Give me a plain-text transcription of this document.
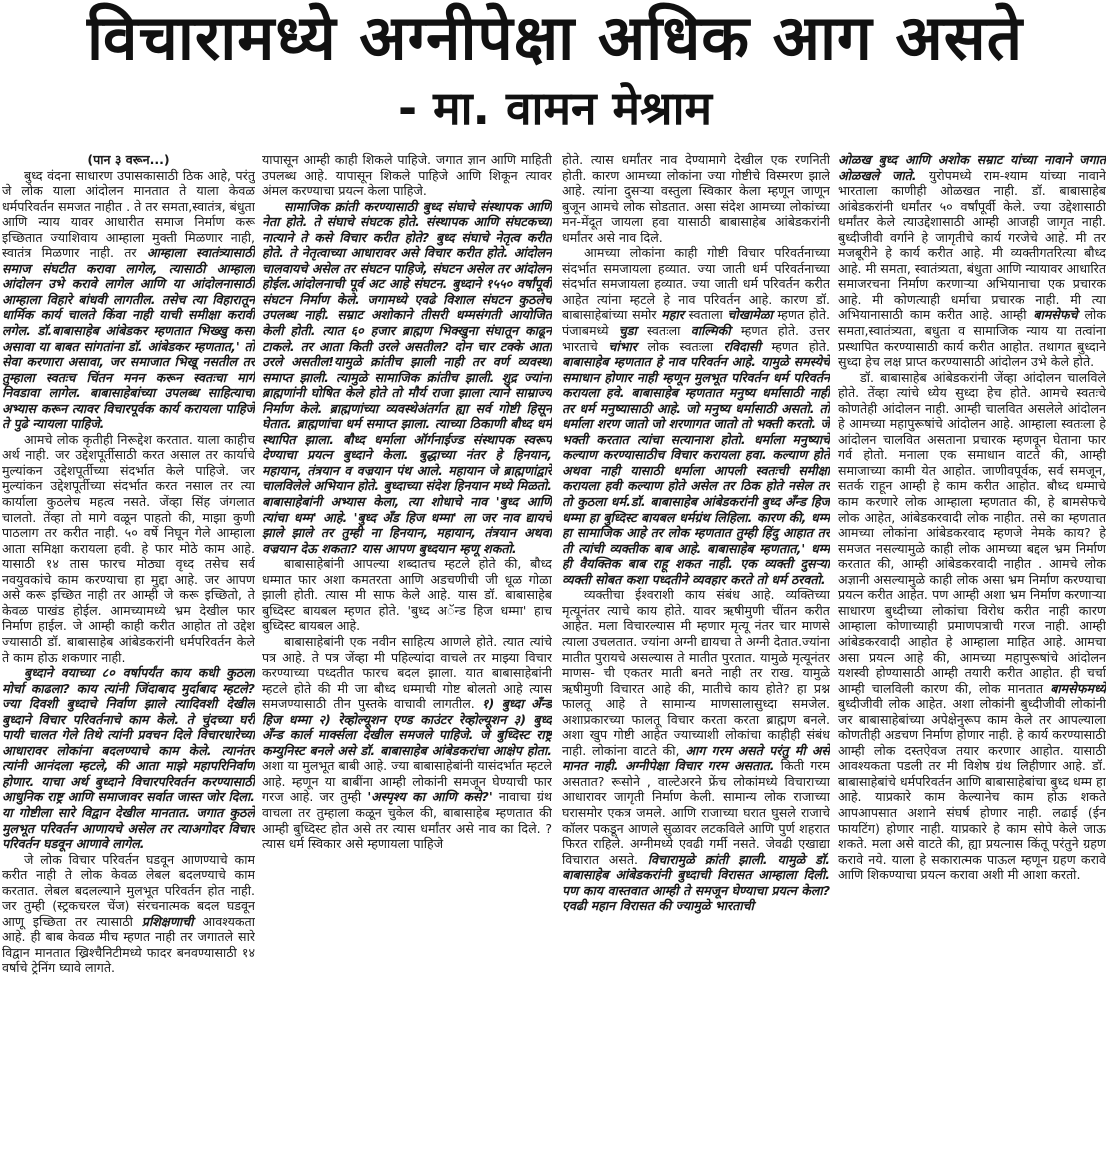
विचारामध्ये अग्नीपेक्षा अधिक आग असते
- मा. वामन मेश्राम

(पान ३ वरून...)

बुध्द वंदना साधारण उपासकासाठी ठिक आहे, परंतु जे लोक याला आंदोलन मानतात ते याला केवळ धर्मपरिवर्तन समजत नाहीत . ते तर समता,स्वातंत्र, बंधुता आणि न्याय यावर आधारीत समाज निर्माण करू इच्छितात ज्याशिवाय आम्हाला मुक्ती मिळणार नाही, स्वातंत्र मिळणार नाही. तर आम्हाला स्वातंत्र्यासाठी समाज संघटीत करावा लागेल, त्यासाठी आम्हाला आंदोलन उभे करावे लागेल आणि या आंदोलनासाठी आम्हाला विहारे बांधवी लागतील. तसेच त्या विहारातून धार्मिक कार्य चालते किंवा नाही याची समीक्षा करावी लगेल. डॉ.बाबासाहेब आंबेडकर म्हणतात भिख्खु कसा असावा या बाबत सांगतांना डॉ. आंबेडकर म्हणतात,' तो सेवा करणारा असावा, जर समाजात भिखू नसतील तर तुम्हाला स्वतःच चिंतन मनन करून स्वतःचा मार्ग निवडावा लागेल. बाबासाहेबांच्या उपलब्ध साहित्याचा अभ्यास करून त्यावर विचारपूर्वक कार्य करायला पाहिजे ते पुढे न्यायला पाहिजे.

आमचे लोक कृतीही निरूद्देश करतात. याला काहीच अर्थ नाही. जर उद्देशपूर्तीसाठी करत असाल तर कार्याचे मुल्यांकन उद्देशपूर्तीच्या संदर्भात केले पाहिजे. जर मुल्यांकन उद्देशपूर्तीच्या संदर्भात करत नसाल तर त्या कार्याला कुठलेच महत्व नसते. जेंव्हा सिंह जंगलात चालतो. तेंव्हा तो मागे वळून पाहतो की, माझा कुणी पाठलाग तर करीत नाही. ५० वर्षे निघून गेले आम्हाला आता समिक्षा करायला हवी. हे फार मोठे काम आहे. यासाठी १४ तास फारच मोठ्या वृध्द तसेच सर्व नवयुवकांचे काम करण्याचा हा मुद्दा आहे. जर आपण असे करू इच्छित नाही तर आम्ही जे करू इच्छितो, ते केवळ पाखंड होईल. आमच्यामध्ये भ्रम देखील फार निर्माण हाईल. जे आम्ही काही करीत आहोत तो उद्देश ज्यासाठी डॉ. बाबासाहेब आंबेडकरांनी धर्मपरिवर्तन केले ते काम होऊ शकणार नाही.

बुध्दाने वयाच्या ८० वर्षापर्यंत काय कधी कुठला मोर्चा काढला? काय त्यांनी जिंदाबाद मुर्दाबाद म्हटले? ज्या दिवशी बुध्दाचे निर्वाण झाले त्यादिवशी देखील बुध्दाने विचार परिवर्तनाचे काम केले. ते चुंदच्या घरी पायी चालत गेले तिथे त्यांनी प्रवचन दिले विचारधारेच्या आधारावर लोकांना बदलण्याचे काम केले. त्यानंतर त्यांनी आनंदला म्हटले, की आता माझे महापरिनिर्वाण होणार. याचा अर्थ बुध्दाने विचारपरिवर्तन करण्यासाठी आधुनिक राष्ट्र आणि समाजावर सर्वात जास्त जोर दिला. या गोष्टीला सारे विद्वान देखील मानतात. जगात कुठले मुलभूत परिवर्तन आणायचे असेल तर त्याअगोदर विचार परिवर्तन घडवून आणावे लागेल.

जे लोक विचार परिवर्तन घडवून आणण्याचे काम करीत नाही ते लोक केवळ लेबल बदलण्याचे काम करतात. लेबल बदलल्याने मुलभूत परिवर्तन होत नाही. जर तुम्ही (स्ट्रकचरल चेंज) संरचनात्मक बदल घडवून आणू इच्छिता तर त्यासाठी प्रशिक्षणाची आवश्यकता आहे. ही बाब केवळ मीच म्हणत नाही तर जगातले सारे विद्वान मानतात ख्रिश्चैनिटीमध्ये फादर बनवण्यासाठी १४ वर्षाचे ट्रेनिंग घ्यावे लागते.

यापासून आम्ही काही शिकले पाहिजे. जगात ज्ञान आणि माहिती उपलब्ध आहे. यापासून शिकले पाहिजे आणि शिकून त्यावर अंमल करण्याचा प्रयत्न केला पाहिजे.

सामाजिक क्रांती करण्यासाठी बुध्द संघाचे संस्थापक आणि नेता होते. ते संघाचे संघटक होते. संस्थापक आणि संघटकच्या नात्याने ते कसे विचार करीत होते? बुध्द संघाचे नेतृत्व करीत होते. ते नेतृत्वाच्या आधारावर असे विचार करीत होते. आंदोलन चालवायचे असेल तर संघटन पाहिजे, संघटन असेल तर आंदोलन होईल.आंदोलनाची पूर्व अट आहे संघटन. बुध्दाने १५५० वर्षांपूर्वी संघटन निर्माण केले. जगामध्ये एवढे विशाल संघटन कुठलेच उपलब्ध नाही. सम्राट अशोकाने तीसरी धम्मसंगती आयोजित केली होती. त्यात ६० हजार ब्राह्मण भिक्खुना संघातून काढून टाकले. तर आता किती उरले असतील? दोन चार टक्के आता उरले असतील!यामुळे क्रांतीच झाली नाही तर वर्ण व्यवस्था समाप्त झाली. त्यामुळे सामाजिक क्रांतीच झाली. शुद्र ज्यांना ब्राह्मणांनी घोषित केले होते तो मौर्य राजा झाला त्याने साम्राज्य निर्माण केले. ब्राह्मणांच्या व्यवस्थेअंतर्गत ह्या सर्व गोष्टी हिसून घेतात. ब्राह्मणांचा धर्म समाप्त झाला. त्याच्या ठिकाणी बौध्द धर्म स्थापित झाला. बौध्द धर्माला ऑर्गनाईज्ड संस्थापक स्वरूप देण्याचा प्रयत्न बुध्दाने केला. बुद्धाच्या नंतर हे हिनयान, महायान, तंत्रयान व वज्रयान पंथ आले. महायान जे ब्राह्मणांद्वारे चालविलेले अभियान होते. बुध्दाच्या संदेश हिनयान मध्ये मिळतो. बाबासाहेबांनी अभ्यास केला, त्या शोधाचे नाव 'बुध्द आणि त्यांचा धम्म' आहे. 'बुध्द अँड हिज धम्मा' ला जर नाव द्यायचे झाले झाले तर तुम्ही ना हिनयान, महायान, तंत्रयान अथवा वज्रयान देऊ शकता? यास आपण बुध्दयान म्हणू शकतो.

बाबासाहेबांनी आपल्या शब्दातच म्हटले होते की, बौध्द धम्मात फार अशा कमतरता आणि अडचणीची जी धूळ गोळा झाली होती. त्यास मी साफ केले आहे. यास डॉ. बाबासाहेब बुध्दिस्ट बायबल म्हणत होते. 'बुध्द अॅन्ड हिज धम्मा' हाच बुध्दिस्ट बायबल आहे.

बाबासाहेबांनी एक नवीन साहित्य आणले होते. त्यात त्यांचे पत्र आहे. ते पत्र जेंव्हा मी पहिल्यांदा वाचले तर माझ्या विचार करण्याच्या पध्दतीत फारच बदल झाला. यात बाबासाहेबांनी म्हटले होते की मी जा बौध्द धम्माची गोष्ट बोलतो आहे त्यास समजण्यासाठी तीन पुस्तके वाचावी लागतील. १) बुध्दा अँन्ड हिज धम्मा २) रेव्होल्यूशन एण्ड काउंटर रेव्होल्यूशन ३) बुध्द अँन्ड कार्ल मार्क्सला देखील समजले पाहिजे. जे बुध्दिस्ट राष्ट्र कम्युनिस्ट बनले असे डॉ. बाबासाहेब आंबेडकरांचा आक्षेप होता. अशा या मुलभूत बाबी आहे. ज्या बाबासाहेबांनी यासंदर्भात म्हटले आहे. म्हणून या बाबींना आम्ही लोकांनी समजून घेण्याची फार गरज आहे. जर तुम्ही 'अस्पृश्य का आणि कसे?' नावाचा ग्रंथ वाचला तर तुम्हाला कळून चुकेल की, बाबासाहेब म्हणतात की आम्ही बुध्दिस्ट होत असे तर त्यास धर्मांतर असे नाव का दिले. ? त्यास धर्म स्विकार असे म्हणायला पाहिजे

होते. त्यास धर्मांतर नाव देण्यामागे देखील एक रणनिती होती. कारण आमच्या लोकांना ज्या गोष्टीचे विस्मरण झाले आहे. त्यांना दुसऱ्या वस्तुला स्विकार केला म्हणून जाणून बुजून आमचे लोक सोडतात. असा संदेश आमच्या लोकांच्या मन-मेंदूत जायला हवा यासाठी बाबासाहेब आंबेडकरांनी धर्मांतर असे नाव दिले.

आमच्या लोकांना काही गोष्टी विचार परिवर्तनाच्या संदर्भात समजायला हव्यात. ज्या जाती धर्म परिवर्तनाच्या संदर्भात समजायला हव्यात. ज्या जाती धर्म परिवर्तन करीत आहेत त्यांना म्हटले हे नाव परिवर्तन आहे. कारण डॉ. बाबासाहेबांच्या समोर महार स्वताला चोखामेळा म्हणत होते. पंजाबमध्ये चुडा स्वतःला वाल्मिकी म्हणत होते. उत्तर भारताचे चांभार लोक स्वतःला रविदासी म्हणत होते. बाबासाहेब म्हणतात हे नाव परिवर्तन आहे. यामुळे समस्येचे समाधान होणार नाही म्हणून मुलभूत परिवर्तन धर्म परिवर्तन करायला हवे. बाबासाहेब म्हणतात मनुष्य धर्मासाठी नाही तर धर्म मनुष्यासाठी आहे. जो मनुष्य धर्मासाठी असतो. तो धर्माला शरण जातो जो शरणागत जातो तो भक्ती करतो. जे भक्ती करतात त्यांचा सत्यानाश होतो. धर्माला मनुष्याचे कल्याण करण्यासाठीच विचार करायला हवा. कल्याण होते अथवा नाही यासाठी धर्माला आपली स्वतःची समीक्षा करायला हवी कल्याण होते असेल तर ठिक होते नसेल तर तो कुठला धर्म.डॉ. बाबासाहेब आंबेडकरांनी बुध्द अँन्ड हिज धम्मा हा बुध्दिस्ट बायबल धर्मग्रंथ लिहिला. कारण की, धम्म हा सामाजिक आहे तर लोक म्हणतात तुम्ही हिंदु आहात तर ती त्यांची व्यक्तीक बाब आहे. बाबासाहेब म्हणतात,' धम्म ही वैयक्तिक बाब राहू शकत नाही. एक व्यक्ती दुसऱ्या व्यक्ती सोबत कशा पध्दतीने व्यवहार करते तो धर्म ठरवतो.

व्यक्तीचा ईश्वराशी काय संबंध आहे. व्यक्तिच्या मृत्यूनंतर त्याचे काय होते. यावर ऋषीमुणी चींतन करीत आहेत. मला विचारल्यास मी म्हणार मृत्यू नंतर चार माणसे त्याला उचलतात. ज्यांना अग्नी द्यायचा ते अग्नी देतात.ज्यांना मातीत पुरायचे असल्यास ते मातीत पुरतात. यामुळे मृत्यूनंतर माणस- ची एकतर माती बनते नाही तर राख. यामुळे ऋषीमुणी विचारत आहे की, मातीचे काय होते? हा प्रश्न फालतू आहे ते सामान्य माणसालासुध्दा समजेल. अशाप्रकारच्या फालतू विचार करता करता ब्राह्मण बनले. अशा खुप गोष्टी आहेत ज्याच्याशी लोकांचा काहीही संबंध नाही. लोकांना वाटते की, आग गरम असते परंतु मी असे मानत नाही. अग्नीपेक्षा विचार गरम असतात. किती गरम असतात? रूसोने , वाल्टेअरने फ्रेंच लोकांमध्ये विचाराच्या आधारावर जागृती निर्माण केली. सामान्य लोक राजाच्या घरासमोर एकत्र जमले. आणि राजाच्या घरात घुसले राजाचे कॉलर पकडून आणले सुळावर लटकविले आणि पुर्ण शहरात फिरत राहिले. अग्नीमध्ये एवढी गर्मी नसते. जेवढी एखाद्या विचारात असते. विचारामुळे क्रांती झाली. यामुळे डॉ. बाबासाहेब आंबेडकरांनी बुध्दाची विरासत आम्हाला दिली. पण काय वास्तवात आम्ही ते समजून घेण्याचा प्रयत्न केला? एवढी महान विरासत की ज्यामुळे भारताची

ओळख बुध्द आणि अशोक सम्राट यांच्या नावाने जगात ओळखले जाते. युरोपमध्ये राम-श्याम यांच्या नावाने भारताला काणीही ओळखत नाही. डॉ. बाबासाहेब आंबेडकरांनी धर्मांतर ५० वर्षांपूर्वी केले. ज्या उद्देशासाठी धर्मांतर केले त्याउद्देशासाठी आम्ही आजही जागृत नाही. बुध्दीजीवी वर्गाने हे जागृतीचे कार्य गरजेचे आहे. मी तर मजबूरीने हे कार्य करीत आहे. मी व्यक्तीगतरित्या बौध्द आहे. मी समता, स्वातंत्र्यता, बंधुता आणि न्यायावर आधारित समाजरचना निर्माण करणाऱ्या अभियानाचा एक प्रचारक आहे. मी कोणत्याही धर्माचा प्रचारक नाही. मी त्या अभियानासाठी काम करीत आहे. आम्ही बामसेफचे लोक समता,स्वातंत्र्यता, बधुता व सामाजिक न्याय या तत्वांना प्रस्थापित करण्यासाठी कार्य करीत आहोत. तथागत बुध्दाने सुध्दा हेच लक्ष प्राप्त करण्यासाठी आंदोलन उभे केले होते.

डॉ. बाबासाहेब आंबेडकरांनी जेंव्हा आंदोलन चालविले होते. तेंव्हा त्यांचे ध्येय सुध्दा हेच होते. आमचे स्वतःचे कोणतेही आंदोलन नाही. आम्ही चालवित असलेले आंदोलन हे आमच्या महापुरूषांचे आंदोलन आहे. आम्हाला स्वतःला हे आंदोलन चालवित असताना प्रचारक म्हणवून घेताना फार गर्व होतो. मनाला एक समाधान वाटते की, आम्ही समाजाच्या कामी येत आहोत. जाणीवपूर्वक, सर्व समजून, सतर्क राहून आम्ही हे काम करीत आहोत. बौध्द धम्माचे काम करणारे लोक आम्हाला म्हणतात की, हे बामसेफचे लोक आहेत, आंबेडकरवादी लोक नाहीत. तसे का म्हणतात आमच्या लोकांना आंबेडकरवाद म्हणजे नेमके काय? हे समजत नसल्यामुळे काही लोक आमच्या बद्दल भ्रम निर्माण करतात की, आम्ही आंबेडकरवादी नाहीत . आमचे लोक अज्ञानी असल्यामुळे काही लोक असा भ्रम निर्माण करण्याचा प्रयत्न करीत आहेत. पण आम्ही अशा भ्रम निर्माण करणाऱ्या साधारण बुध्दीच्या लोकांचा विरोध करीत नाही कारण आम्हाला कोणाच्याही प्रमाणपत्राची गरज नाही. आम्ही आंबेडकरवादी आहोत हे आम्हाला माहित आहे. आमचा असा प्रयत्न आहे की, आमच्या महापुरूषांचे आंदोलन यशस्वी होण्यासाठी आम्ही तयारी करीत आहोत. ही चर्चा आम्ही चालविली कारण की, लोक मानतात बामसेफमध्ये बुध्दीजीवी लोक आहेत. अशा लोकांनी बुध्दीजीवी लोकांनी जर बाबासाहेबांच्या अपेक्षेनुरूप काम केले तर आपल्याला कोणतीही अडचण निर्माण होणार नाही. हे कार्य करण्यासाठी आम्ही लोक दस्तऐवज तयार करणार आहोत. यासाठी आवश्यकता पडली तर मी विशेष ग्रंथ लिहीणार आहे. डॉ. बाबासाहेबांचे धर्मपरिवर्तन आणि बाबासाहेबांचा बुध्द धम्म हा आहे. याप्रकारे काम केल्यानेच काम होऊ शकते आपआपसात अशाने संघर्ष होणार नाही. लढाई (ईन फायटिंग) होणार नाही. याप्रकारे हे काम सोपे केले जाऊ शकते. मला असे वाटते की, ह्या प्रयत्नास किंतू परंतुने ग्रहण करावे नये. याला हे सकारात्मक पाऊल म्हणून ग्रहण करावे आणि शिकण्याचा प्रयत्न करावा अशी मी आशा करतो.
